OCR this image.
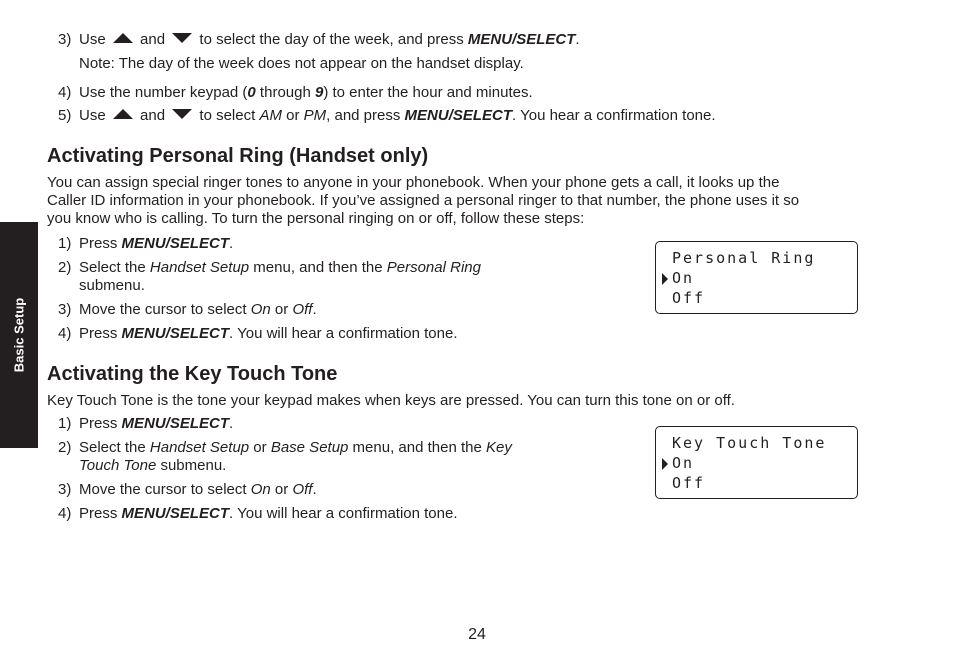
Basic Setup
3) Use and to select the day of the week, and press MENU/SELECT.
Note: The day of the week does not appear on the handset display.
4) Use the number keypad (0 through 9) to enter the hour and minutes.
5) Use and to select AM or PM, and press MENU/SELECT. You hear a confirmation tone.
Activating Personal Ring (Handset only)
You can assign special ringer tones to anyone in your phonebook. When your phone gets a call, it looks up the
Caller ID information in your phonebook. If you’ve assigned a personal ringer to that number, the phone uses it so
you know who is calling. To turn the personal ringing on or off, follow these steps:
1) Press MENU/SELECT.
2) Select the Handset Setup menu, and then the Personal Ring
submenu.
3) Move the cursor to select On or Off.
4) Press MENU/SELECT. You will hear a confirmation tone.
Personal Ring
On
Off
Activating the Key Touch Tone
Key Touch Tone is the tone your keypad makes when keys are pressed. You can turn this tone on or off.
1) Press MENU/SELECT.
2) Select the Handset Setup or Base Setup menu, and then the Key
Touch Tone submenu.
3) Move the cursor to select On or Off.
4) Press MENU/SELECT. You will hear a confirmation tone.
Key Touch Tone
On
Off
24
